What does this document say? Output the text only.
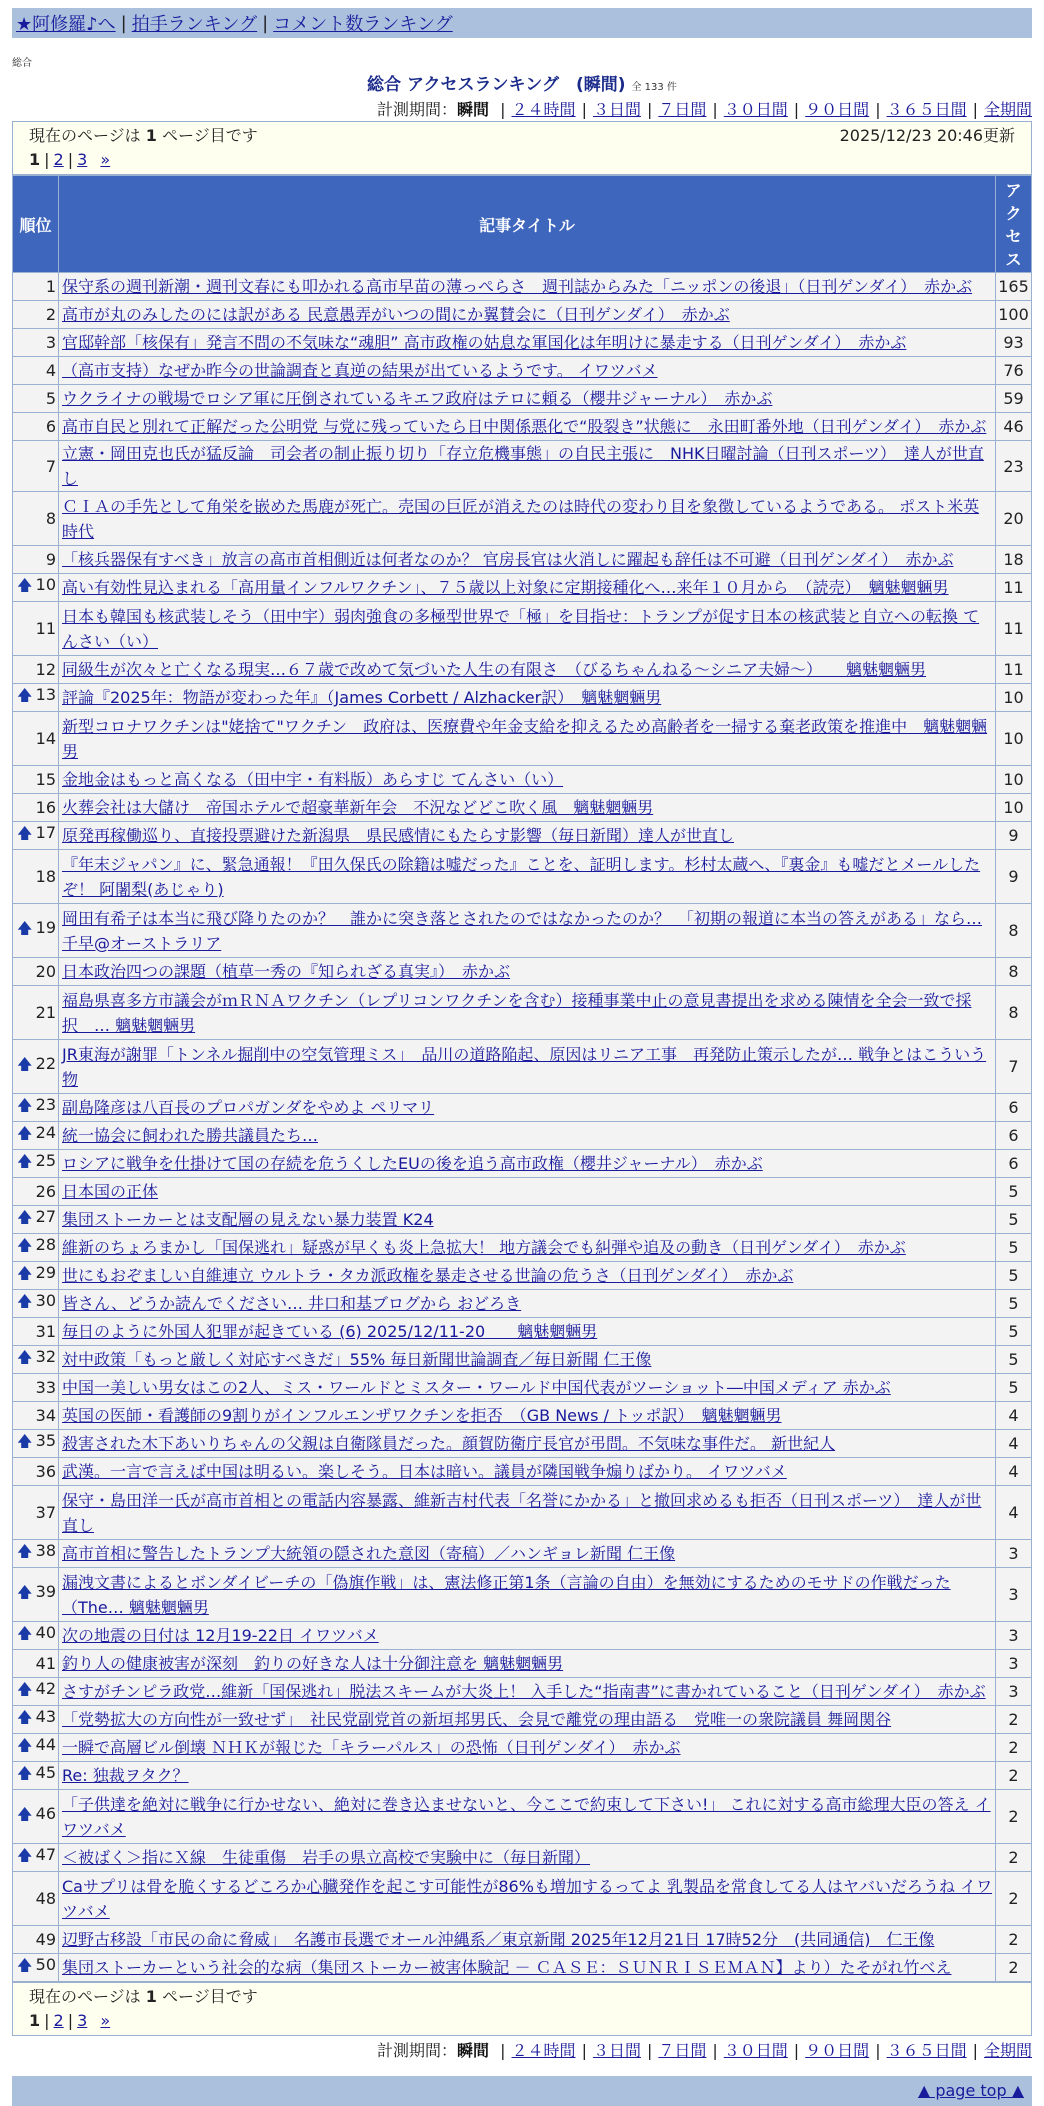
★阿修羅♪へ | 拍手ランキング | コメント数ランキング
総合
総合 アクセスランキング　(瞬間) 全 133 件
計測期間：瞬間 | ２４時間 | ３日間 | ７日間 | ３０日間 | ９０日間 | ３６５日間 | 全期間
現在のページは 1 ページ目です	2025/12/23 20:46更新
1 | 2 | 3 »
順位	記事タイトル	アクセス
1	保守系の週刊新潮・週刊文春にも叩かれる高市早苗の薄っぺらさ　週刊誌からみた「ニッポンの後退」（日刊ゲンダイ）　赤かぶ	165
2	高市が丸のみしたのには訳がある 民意愚弄がいつの間にか翼賛会に（日刊ゲンダイ）　赤かぶ	100
3	官邸幹部「核保有」発言不問の不気味な“魂胆” 高市政権の姑息な軍国化は年明けに暴走する（日刊ゲンダイ）　赤かぶ	93
4	（高市支持）なぜか昨今の世論調査と真逆の結果が出ているようです。 イワツバメ	76
5	ウクライナの戦場でロシア軍に圧倒されているキエフ政府はテロに頼る（櫻井ジャーナル）　赤かぶ	59
6	高市自民と別れて正解だった公明党 与党に残っていたら日中関係悪化で“股裂き”状態に　永田町番外地（日刊ゲンダイ）　赤かぶ	46
7	立憲・岡田克也氏が猛反論　司会者の制止振り切り「存立危機事態」の自民主張に　NHK日曜討論（日刊スポーツ）　達人が世直し	23
8	ＣＩＡの手先として角栄を嵌めた馬鹿が死亡。売国の巨匠が消えたのは時代の変わり目を象徴しているようである。 ポスト米英時代	20
9	「核兵器保有すべき」放言の高市首相側近は何者なのか？ 官房長官は火消しに躍起も辞任は不可避（日刊ゲンダイ）　赤かぶ	18

🡅 10	高い有効性見込まれる「高用量インフルワクチン」、７５歳以上対象に定期接種化へ…来年１０月から　（読売）　魑魅魍魎男	11
11	日本も韓国も核武装しそう（田中宇）弱肉強食の多極型世界で「極」を目指せ：トランプが促す日本の核武装と自立への転換 てんさい（い）	11
12	同級生が次々と亡くなる現実…６７歳で改めて気づいた人生の有限さ　（びるちゃんねる～シニア夫婦～）　　魑魅魍魎男	11

🡅 13	評論『2025年：物語が変わった年』（James Corbett / Alzhacker訳）　魑魅魍魎男	10
14	新型コロナワクチンは"姥捨て"ワクチン　政府は、医療費や年金支給を抑えるため高齢者を一掃する棄老政策を推進中　魑魅魍魎男	10
15	金地金はもっと高くなる（田中宇・有料版）あらすじ てんさい（い）	10
16	火葬会社は大儲け　帝国ホテルで超豪華新年会　不況などどこ吹く風　魑魅魍魎男	10

🡅 17	原発再稼働巡り、直接投票避けた新潟県　県民感情にもたらす影響（毎日新聞）達人が世直し	9
18	『年末ジャパン』に、緊急通報！『田久保氏の除籍は嘘だった』ことを、証明します。杉村太蔵へ、『裏金』も嘘だとメールしたぞ！ 阿闍梨(あじゃり)	9

🡅 19	岡田有希子は本当に飛び降りたのか？　誰かに突き落とされたのではなかったのか？　「初期の報道に本当の答えがある」なら… 千早@オーストラリア	8
20	日本政治四つの課題（植草一秀の『知られざる真実』）　赤かぶ	8
21	福島県喜多方市議会がｍＲＮＡワクチン（レプリコンワクチンを含む）接種事業中止の意見書提出を求める陳情を全会一致で採択　… 魑魅魍魎男	8

🡅 22	JR東海が謝罪「トンネル掘削中の空気管理ミス」　品川の道路陥起、原因はリニア工事　再発防止策示したが… 戦争とはこういう物	7

🡅 23	副島隆彦は八百長のプロパガンダをやめよ ペリマリ	6

🡅 24	統一協会に飼われた勝共議員たち…	6

🡅 25	ロシアに戦争を仕掛けて国の存続を危うくしたEUの後を追う高市政権（櫻井ジャーナル）　赤かぶ	6
26	日本国の正体	5

🡅 27	集団ストーカーとは支配層の見えない暴力装置 K24	5

🡅 28	維新のちょろまかし「国保逃れ」疑惑が早くも炎上急拡大！ 地方議会でも糾弾や追及の動き（日刊ゲンダイ）　赤かぶ	5

🡅 29	世にもおぞましい自維連立 ウルトラ・タカ派政権を暴走させる世論の危うさ（日刊ゲンダイ）　赤かぶ	5

🡅 30	皆さん、どうか読んでください… 井口和基ブログから おどろき	5
31	毎日のように外国人犯罪が起きている (6) 2025/12/11-20　　魑魅魍魎男	5

🡅 32	対中政策「もっと厳しく対応すべきだ」55% 毎日新聞世論調査／毎日新聞 仁王像	5
33	中国一美しい男女はこの2人、ミス・ワールドとミスター・ワールド中国代表がツーショット―中国メディア 赤かぶ	5
34	英国の医師・看護師の9割りがインフルエンザワクチンを拒否　（GB News / トッポ訳）　魑魅魍魎男	4

🡅 35	殺害された木下あいりちゃんの父親は自衛隊員だった。顔賀防衛庁長官が弔問。不気味な事件だ。 新世紀人	4
36	武漢。一言で言えば中国は明るい。楽しそう。日本は暗い。議員が隣国戦争煽りばかり。 イワツバメ	4
37	保守・島田洋一氏が高市首相との電話内容暴露、維新吉村代表「名誉にかかる」と撤回求めるも拒否（日刊スポーツ）　達人が世直し	4

🡅 38	高市首相に警告したトランプ大統領の隠された意図（寄稿）／ハンギョレ新聞 仁王像	3

🡅 39	漏洩文書によるとボンダイビーチの「偽旗作戦」は、憲法修正第1条（言論の自由）を無効にするためのモサドの作戦だった（The… 魑魅魍魎男	3

🡅 40	次の地震の日付は 12月19-22日 イワツバメ	3
41	釣り人の健康被害が深刻　釣りの好きな人は十分御注意を 魑魅魍魎男	3

🡅 42	さすがチンピラ政党…維新「国保逃れ」脱法スキームが大炎上！ 入手した“指南書”に書かれていること（日刊ゲンダイ）　赤かぶ	3

🡅 43	「党勢拡大の方向性が一致せず」　社民党副党首の新垣邦男氏、会見で離党の理由語る　党唯一の衆院議員 舞岡関谷	2

🡅 44	一瞬で高層ビル倒壊 ＮＨＫが報じた「キラーパルス」の恐怖（日刊ゲンダイ）　赤かぶ	2

🡅 45	Re: 独裁ヲタク？	2

🡅 46	「子供達を絶対に戦争に行かせない、絶対に巻き込ませないと、今ここで約束して下さい!」 これに対する高市総理大臣の答え イワツバメ	2

🡅 47	＜被ばく＞指にＸ線　生徒重傷　岩手の県立高校で実験中に（毎日新聞）	2
48	Caサプリは骨を脆くするどころか心臓発作を起こす可能性が86%も増加するってよ 乳製品を常食してる人はヤバいだろうね イワツバメ	2
49	辺野古移設「市民の命に脅威」　名護市長選でオール沖縄系／東京新聞 2025年12月21日 17時52分　(共同通信)　仁王像	2

🡅 50	集団ストーカーという社会的な病（集団ストーカー被害体験記 － ＣＡＳＥ：ＳＵＮＲＩＳＥＭＡＮ】より）たそがれ竹べえ	2
現在のページは 1 ページ目です
1 | 2 | 3 »
計測期間：瞬間 | ２４時間 | ３日間 | ７日間 | ３０日間 | ９０日間 | ３６５日間 | 全期間
▲ page top ▲
